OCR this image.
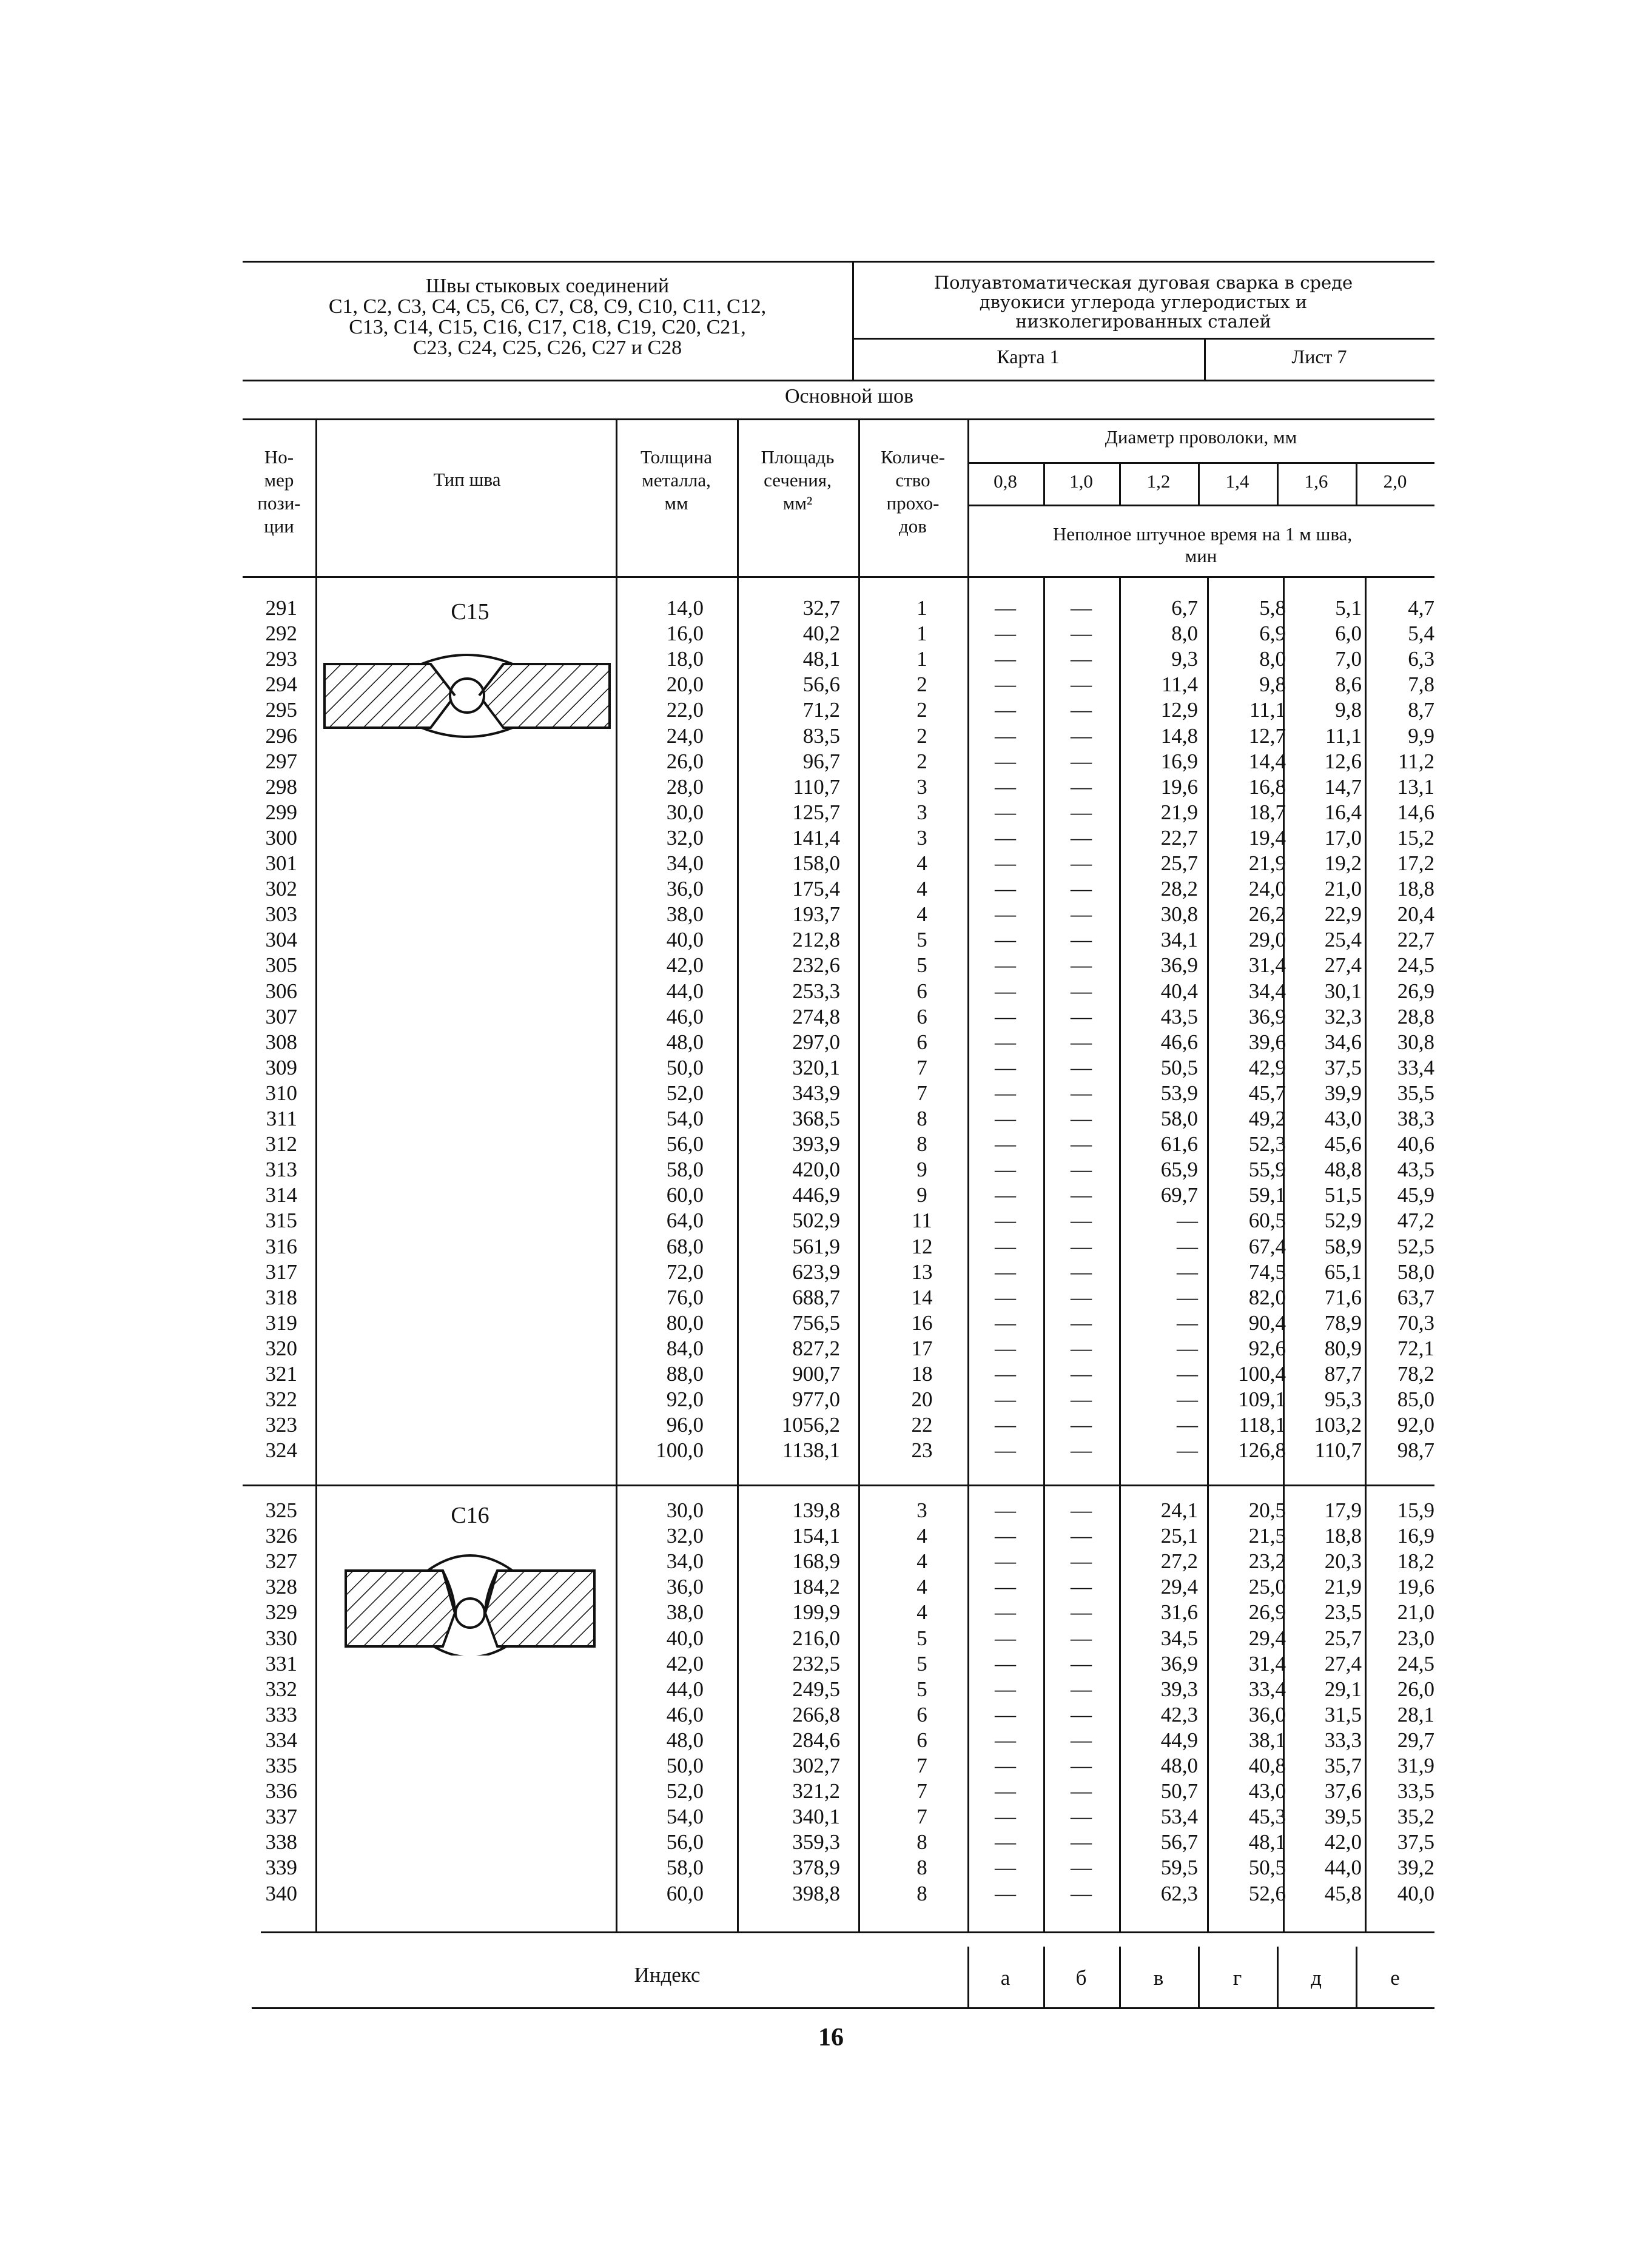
Швы стыковых соединений
С1, С2, С3, С4, С5, С6, С7, С8, С9, С10, С11, С12,
С13, С14, С15, С16, С17, С18, С19, С20, С21,
С23, С24, С25, С26, С27 и С28
Полуавтоматическая дуговая сварка в среде
двуокиси углерода углеродистых и
низколегированных сталей
Карта 1	Лист 7
Основной шов
Но-
мер
пози-
ции
Тип шва
Толщина
металла,
мм
Площадь
сечения,
мм²
Количе-
ство
прохо-
дов
Диаметр проволоки, мм
0,8	1,0	1,2	1,4	1,6	2,0
Неполное штучное время на 1 м шва,
мин
С15
С16
291	14,0	32,7	1	—	—	6,7	5,8	5,1	4,7
292	16,0	40,2	1	—	—	8,0	6,9	6,0	5,4
293	18,0	48,1	1	—	—	9,3	8,0	7,0	6,3
294	20,0	56,6	2	—	—	11,4	9,8	8,6	7,8
295	22,0	71,2	2	—	—	12,9	11,1	9,8	8,7
296	24,0	83,5	2	—	—	14,8	12,7	11,1	9,9
297	26,0	96,7	2	—	—	16,9	14,4	12,6	11,2
298	28,0	110,7	3	—	—	19,6	16,8	14,7	13,1
299	30,0	125,7	3	—	—	21,9	18,7	16,4	14,6
300	32,0	141,4	3	—	—	22,7	19,4	17,0	15,2
301	34,0	158,0	4	—	—	25,7	21,9	19,2	17,2
302	36,0	175,4	4	—	—	28,2	24,0	21,0	18,8
303	38,0	193,7	4	—	—	30,8	26,2	22,9	20,4
304	40,0	212,8	5	—	—	34,1	29,0	25,4	22,7
305	42,0	232,6	5	—	—	36,9	31,4	27,4	24,5
306	44,0	253,3	6	—	—	40,4	34,4	30,1	26,9
307	46,0	274,8	6	—	—	43,5	36,9	32,3	28,8
308	48,0	297,0	6	—	—	46,6	39,6	34,6	30,8
309	50,0	320,1	7	—	—	50,5	42,9	37,5	33,4
310	52,0	343,9	7	—	—	53,9	45,7	39,9	35,5
311	54,0	368,5	8	—	—	58,0	49,2	43,0	38,3
312	56,0	393,9	8	—	—	61,6	52,3	45,6	40,6
313	58,0	420,0	9	—	—	65,9	55,9	48,8	43,5
314	60,0	446,9	9	—	—	69,7	59,1	51,5	45,9
315	64,0	502,9	11	—	—	—	60,5	52,9	47,2
316	68,0	561,9	12	—	—	—	67,4	58,9	52,5
317	72,0	623,9	13	—	—	—	74,5	65,1	58,0
318	76,0	688,7	14	—	—	—	82,0	71,6	63,7
319	80,0	756,5	16	—	—	—	90,4	78,9	70,3
320	84,0	827,2	17	—	—	—	92,6	80,9	72,1
321	88,0	900,7	18	—	—	—	100,4	87,7	78,2
322	92,0	977,0	20	—	—	—	109,1	95,3	85,0
323	96,0	1056,2	22	—	—	—	118,1	103,2	92,0
324	100,0	1138,1	23	—	—	—	126,8	110,7	98,7
325	30,0	139,8	3	—	—	24,1	20,5	17,9	15,9
326	32,0	154,1	4	—	—	25,1	21,5	18,8	16,9
327	34,0	168,9	4	—	—	27,2	23,2	20,3	18,2
328	36,0	184,2	4	—	—	29,4	25,0	21,9	19,6
329	38,0	199,9	4	—	—	31,6	26,9	23,5	21,0
330	40,0	216,0	5	—	—	34,5	29,4	25,7	23,0
331	42,0	232,5	5	—	—	36,9	31,4	27,4	24,5
332	44,0	249,5	5	—	—	39,3	33,4	29,1	26,0
333	46,0	266,8	6	—	—	42,3	36,0	31,5	28,1
334	48,0	284,6	6	—	—	44,9	38,1	33,3	29,7
335	50,0	302,7	7	—	—	48,0	40,8	35,7	31,9
336	52,0	321,2	7	—	—	50,7	43,0	37,6	33,5
337	54,0	340,1	7	—	—	53,4	45,3	39,5	35,2
338	56,0	359,3	8	—	—	56,7	48,1	42,0	37,5
339	58,0	378,9	8	—	—	59,5	50,5	44,0	39,2
340	60,0	398,8	8	—	—	62,3	52,6	45,8	40,0
Индекс	а	б	в	г	д	е
16
